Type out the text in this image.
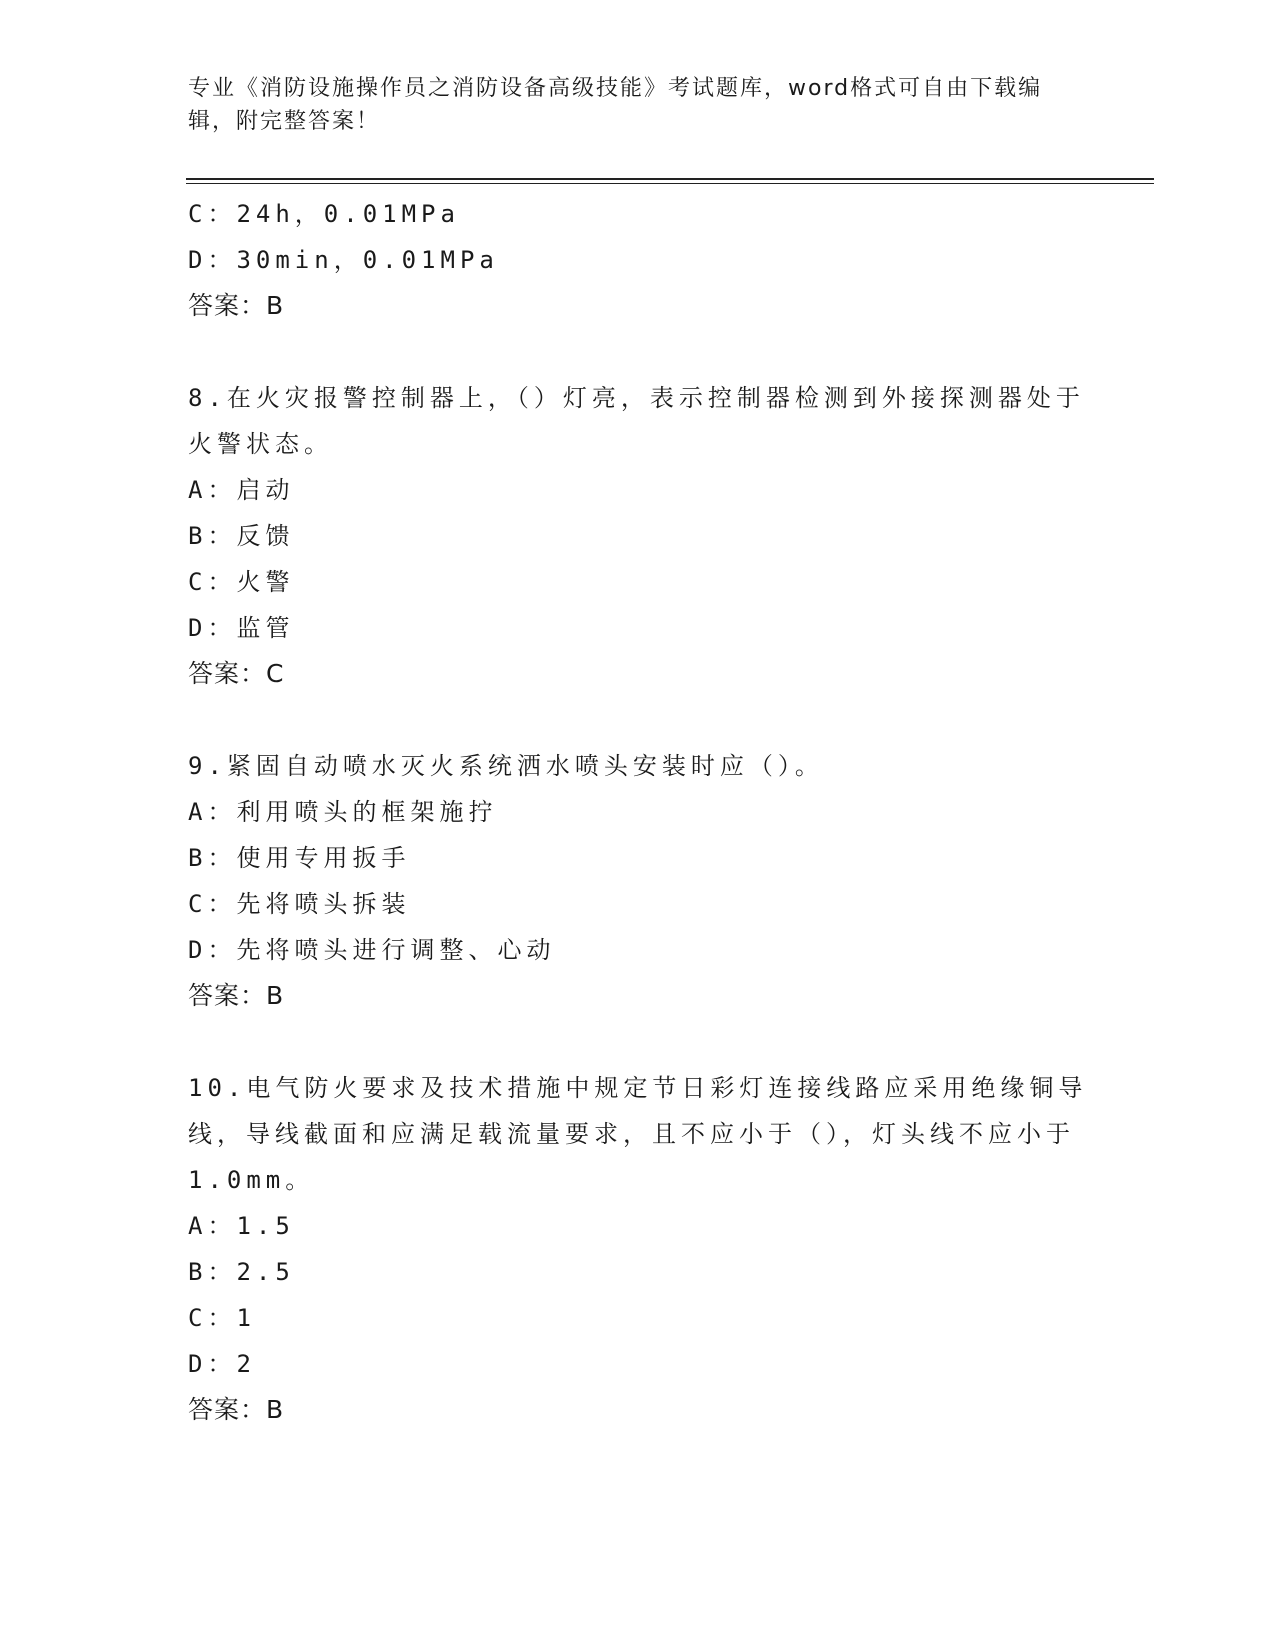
专业《消防设施操作员之消防设备高级技能》考试题库，word格式可自由下载编辑，附完整答案！
C：24h，0.01MPa
D：30min，0.01MPa
答案：B
8.在火灾报警控制器上，（）灯亮，表示控制器检测到外接探测器处于火警状态。
A：启动
B：反馈
C：火警
D：监管
答案：C
9.紧固自动喷水灭火系统洒水喷头安装时应（）。
A：利用喷头的框架施拧
B：使用专用扳手
C：先将喷头拆装
D：先将喷头进行调整、心动
答案：B
10.电气防火要求及技术措施中规定节日彩灯连接线路应采用绝缘铜导线，导线截面和应满足载流量要求，且不应小于（），灯头线不应小于1.0mm。
A：1.5
B：2.5
C：1
D：2
答案：B
